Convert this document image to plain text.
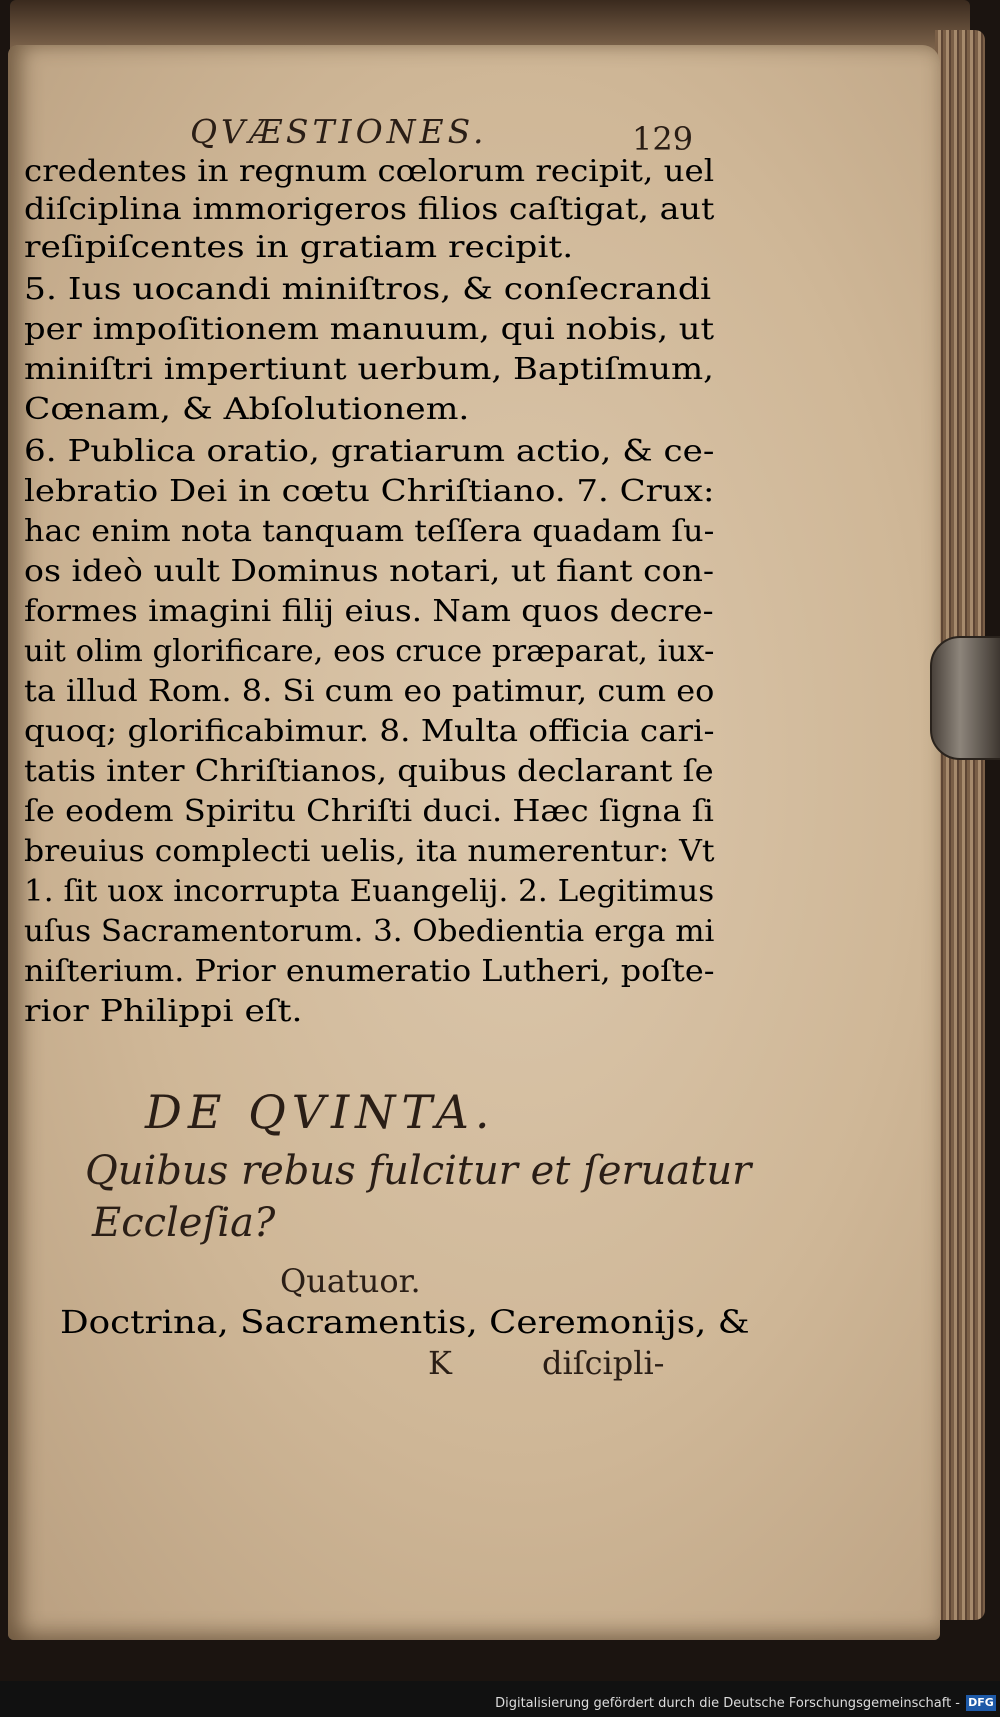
QVÆSTIONES.	129
credentes in regnum cœlorum recipit, uel
diſciplina immorigeros filios caſtigat, aut
reſipiſcentes in gratiam recipit.
5. Ius uocandi miniſtros, & conſecrandi
per impoſitionem manuum, qui nobis, ut
miniſtri impertiunt uerbum, Baptiſmum,
Cœnam, & Abſolutionem.
6. Publica oratio, gratiarum actio, & ce-
lebratio Dei in cœtu Chriſtiano. 7. Crux:
hac enim nota tanquam teſſera quadam ſu-
os ideò uult Dominus notari, ut fiant con-
formes imagini filij eius. Nam quos decre-
uit olim glorificare, eos cruce præparat, iux-
ta illud Rom. 8. Si cum eo patimur, cum eo
quoq; glorificabimur. 8. Multa officia cari-
tatis inter Chriſtianos, quibus declarant ſe
ſe eodem Spiritu Chriſti duci. Hæc ſigna ſi
breuius complecti uelis, ita numerentur: Vt
1. ſit uox incorrupta Euangelij. 2. Legitimus
uſus Sacramentorum. 3. Obedientia erga mi
niſterium. Prior enumeratio Lutheri, poſte-
rior Philippi eſt.
DE QVINTA.
Quibus rebus fulcitur et ſeruatur
Eccleſia?
Quatuor.
Doctrina, Sacramentis, Ceremonijs, &
K	diſcipli-
Digitalisierung gefördert durch die Deutsche Forschungsgemeinschaft - DFG
